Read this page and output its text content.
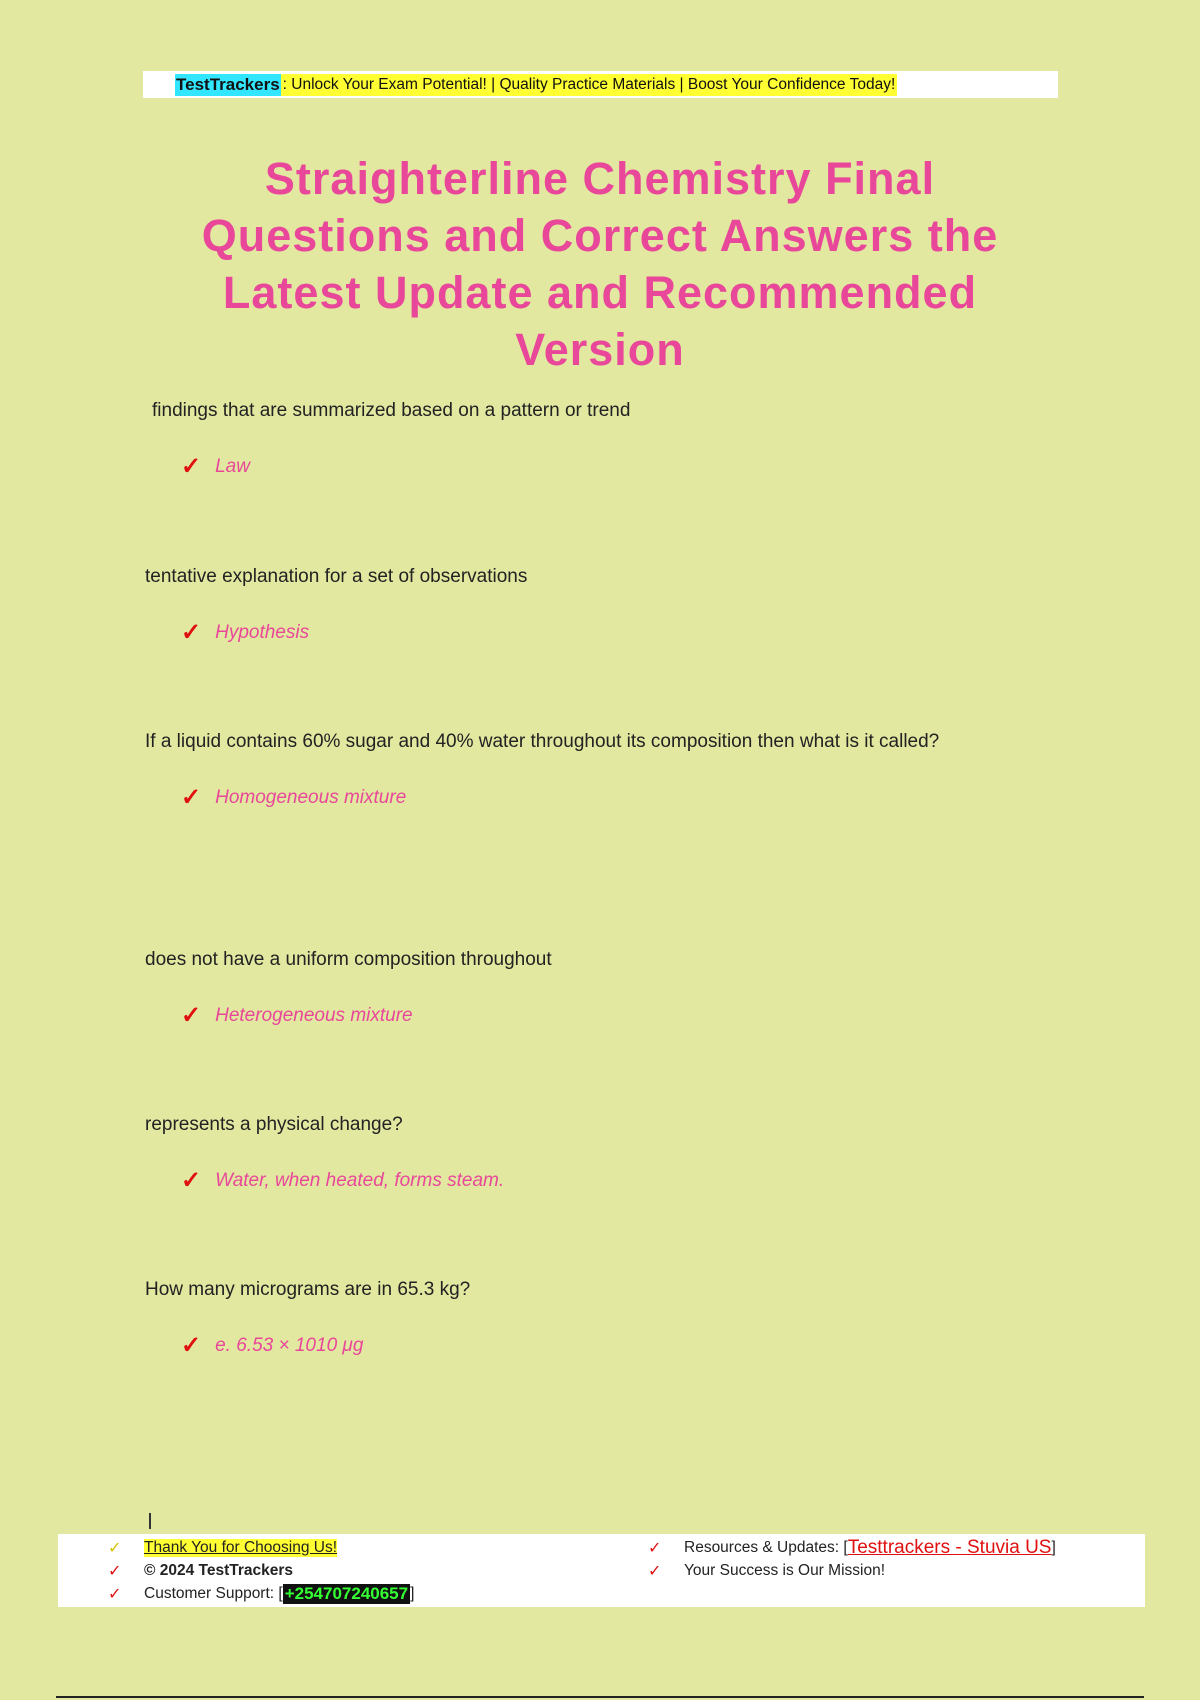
TestTrackers : Unlock Your Exam Potential! | Quality Practice Materials | Boost Your Confidence Today!
Straighterline Chemistry Final Questions and Correct Answers the Latest Update and Recommended Version
findings that are summarized based on a pattern or trend
✓ Law
tentative explanation for a set of observations
✓ Hypothesis
If a liquid contains 60% sugar and 40% water throughout its composition then what is it called?
✓ Homogeneous mixture
does not have a uniform composition throughout
✓ Heterogeneous mixture
represents a physical change?
✓ Water, when heated, forms steam.
How many micrograms are in 65.3 kg?
✓ e. 6.53 × 1010 μg
✓	Thank You for Choosing Us!
✓	© 2024 TestTrackers
✓	Customer Support: [ +254707240657 ]
✓	Resources & Updates: [ Testtrackers - Stuvia US ]
✓	Your Success is Our Mission!
